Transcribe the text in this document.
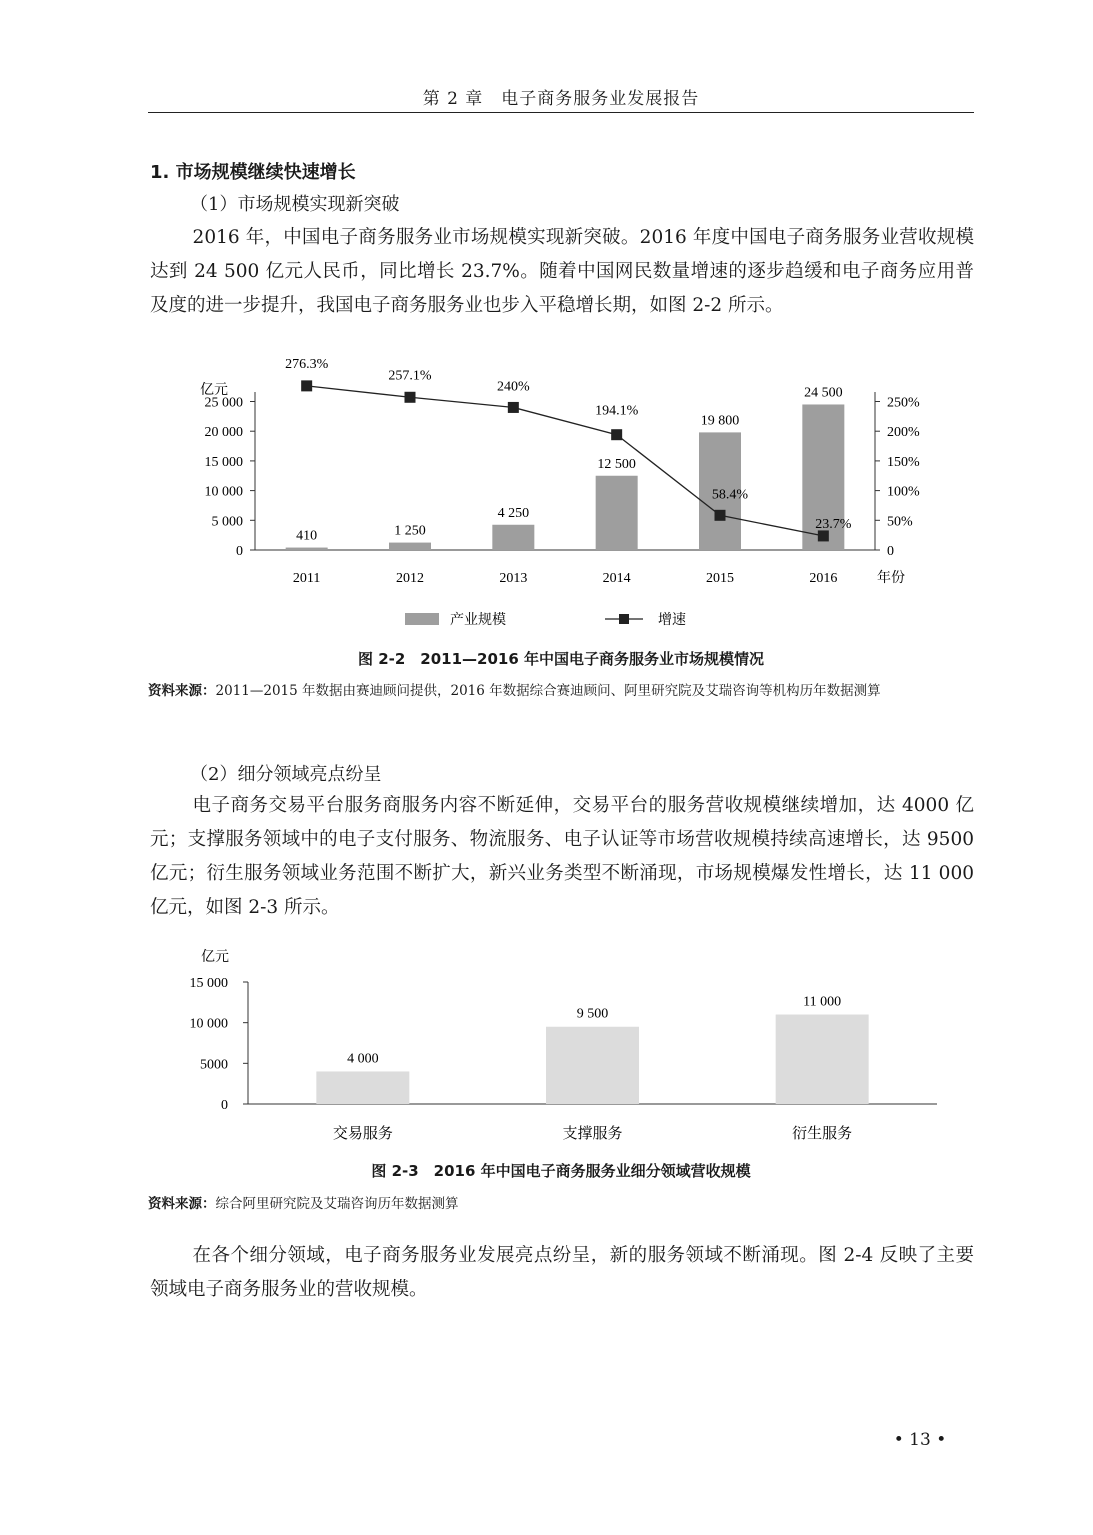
第 2 章　电子商务服务业发展报告
1. 市场规模继续快速增长
（1）市场规模实现新突破
2016 年，中国电子商务服务业市场规模实现新突破。2016 年度中国电子商务服务业营收规模达到 24 500 亿元人民币，同比增长 23.7%。随着中国网民数量增速的逐步趋缓和电子商务应用普及度的进一步提升，我国电子商务服务业也步入平稳增长期，如图 2-2 所示。
亿元
0
5 000
10 000
15 000
20 000
25 000
0
50%
100%
150%
200%
250%
410
2011
1 250
2012
4 250
2013
12 500
2014
19 800
2015
24 500
2016	年份
276.3%
257.1%
240%
194.1%
58.4%
23.7%
产业规模	增速
图 2-2　2011—2016 年中国电子商务服务业市场规模情况
资料来源：2011—2015 年数据由赛迪顾问提供，2016 年数据综合赛迪顾问、阿里研究院及艾瑞咨询等机构历年数据测算
（2）细分领域亮点纷呈
电子商务交易平台服务商服务内容不断延伸，交易平台的服务营收规模继续增加，达 4000 亿元；支撑服务领域中的电子支付服务、物流服务、电子认证等市场营收规模持续高速增长，达 9500 亿元；衍生服务领域业务范围不断扩大，新兴业务类型不断涌现，市场规模爆发性增长，达 11 000 亿元，如图 2-3 所示。
亿元
0
5000
10 000
15 000
4 000
交易服务
9 500
支撑服务
11 000
衍生服务
图 2-3　2016 年中国电子商务服务业细分领域营收规模
资料来源：综合阿里研究院及艾瑞咨询历年数据测算
在各个细分领域，电子商务服务业发展亮点纷呈，新的服务领域不断涌现。图 2-4 反映了主要领域电子商务服务业的营收规模。
• 13 •
